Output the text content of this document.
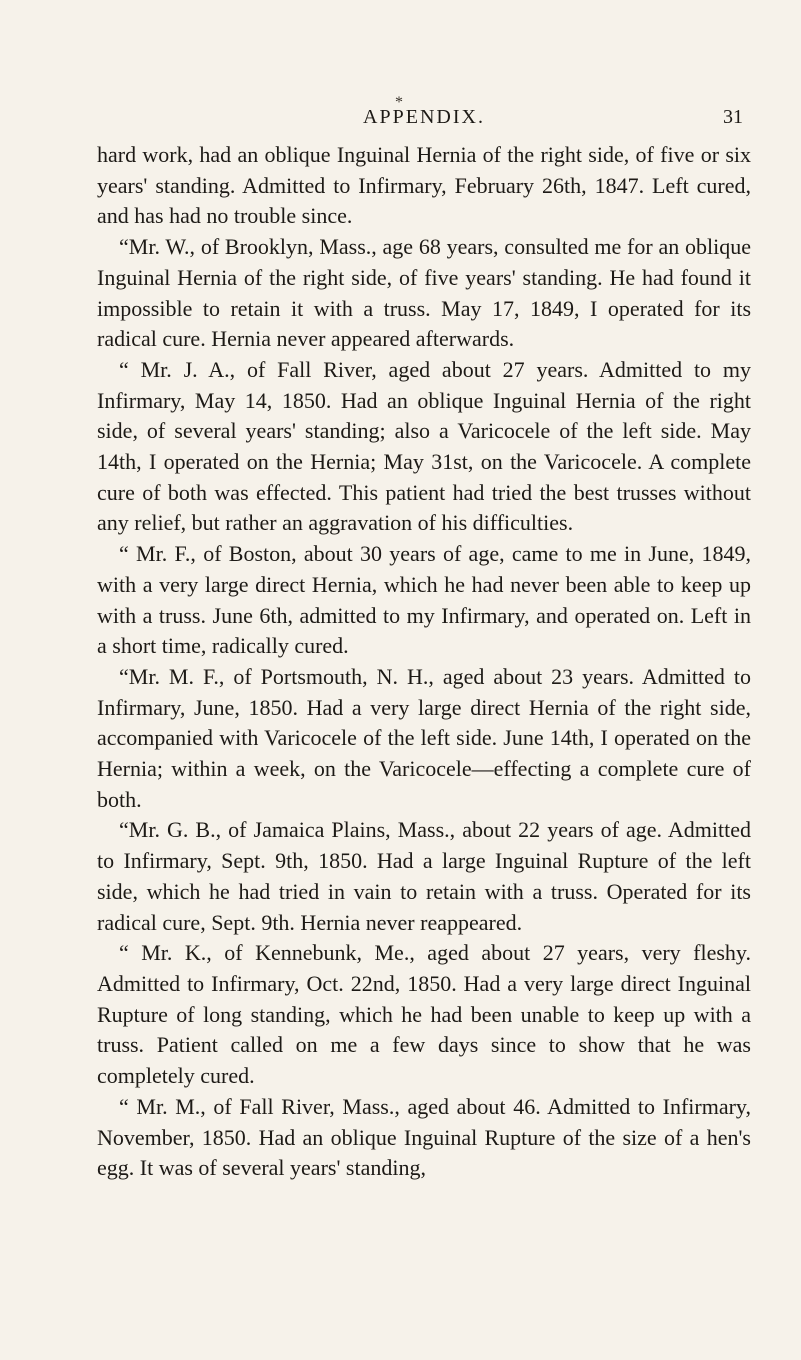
*
APPENDIX.	31

hard work, had an oblique Inguinal Hernia of the right side, of five or six years' standing. Admitted to Infirmary, February 26th, 1847. Left cured, and has had no trouble since.

“Mr. W., of Brooklyn, Mass., age 68 years, consulted me for an oblique Inguinal Hernia of the right side, of five years' standing. He had found it impossible to retain it with a truss. May 17, 1849, I operated for its radical cure. Hernia never appeared afterwards.

“ Mr. J. A., of Fall River, aged about 27 years. Admitted to my Infirmary, May 14, 1850. Had an oblique Inguinal Hernia of the right side, of several years' standing; also a Varicocele of the left side. May 14th, I operated on the Hernia; May 31st, on the Varicocele. A complete cure of both was effected. This patient had tried the best trusses without any relief, but rather an aggravation of his difficulties.

“ Mr. F., of Boston, about 30 years of age, came to me in June, 1849, with a very large direct Hernia, which he had never been able to keep up with a truss. June 6th, admitted to my Infirmary, and operated on. Left in a short time, radically cured.

“Mr. M. F., of Portsmouth, N. H., aged about 23 years. Admitted to Infirmary, June, 1850. Had a very large direct Hernia of the right side, accompanied with Varicocele of the left side. June 14th, I operated on the Hernia; within a week, on the Varicocele—effecting a complete cure of both.

“Mr. G. B., of Jamaica Plains, Mass., about 22 years of age. Admitted to Infirmary, Sept. 9th, 1850. Had a large Inguinal Rupture of the left side, which he had tried in vain to retain with a truss. Operated for its radical cure, Sept. 9th. Hernia never reappeared.

“ Mr. K., of Kennebunk, Me., aged about 27 years, very fleshy. Admitted to Infirmary, Oct. 22nd, 1850. Had a very large direct Inguinal Rupture of long standing, which he had been unable to keep up with a truss. Patient called on me a few days since to show that he was completely cured.

“ Mr. M., of Fall River, Mass., aged about 46. Admitted to Infirmary, November, 1850. Had an oblique Inguinal Rupture of the size of a hen's egg. It was of several years' standing,
